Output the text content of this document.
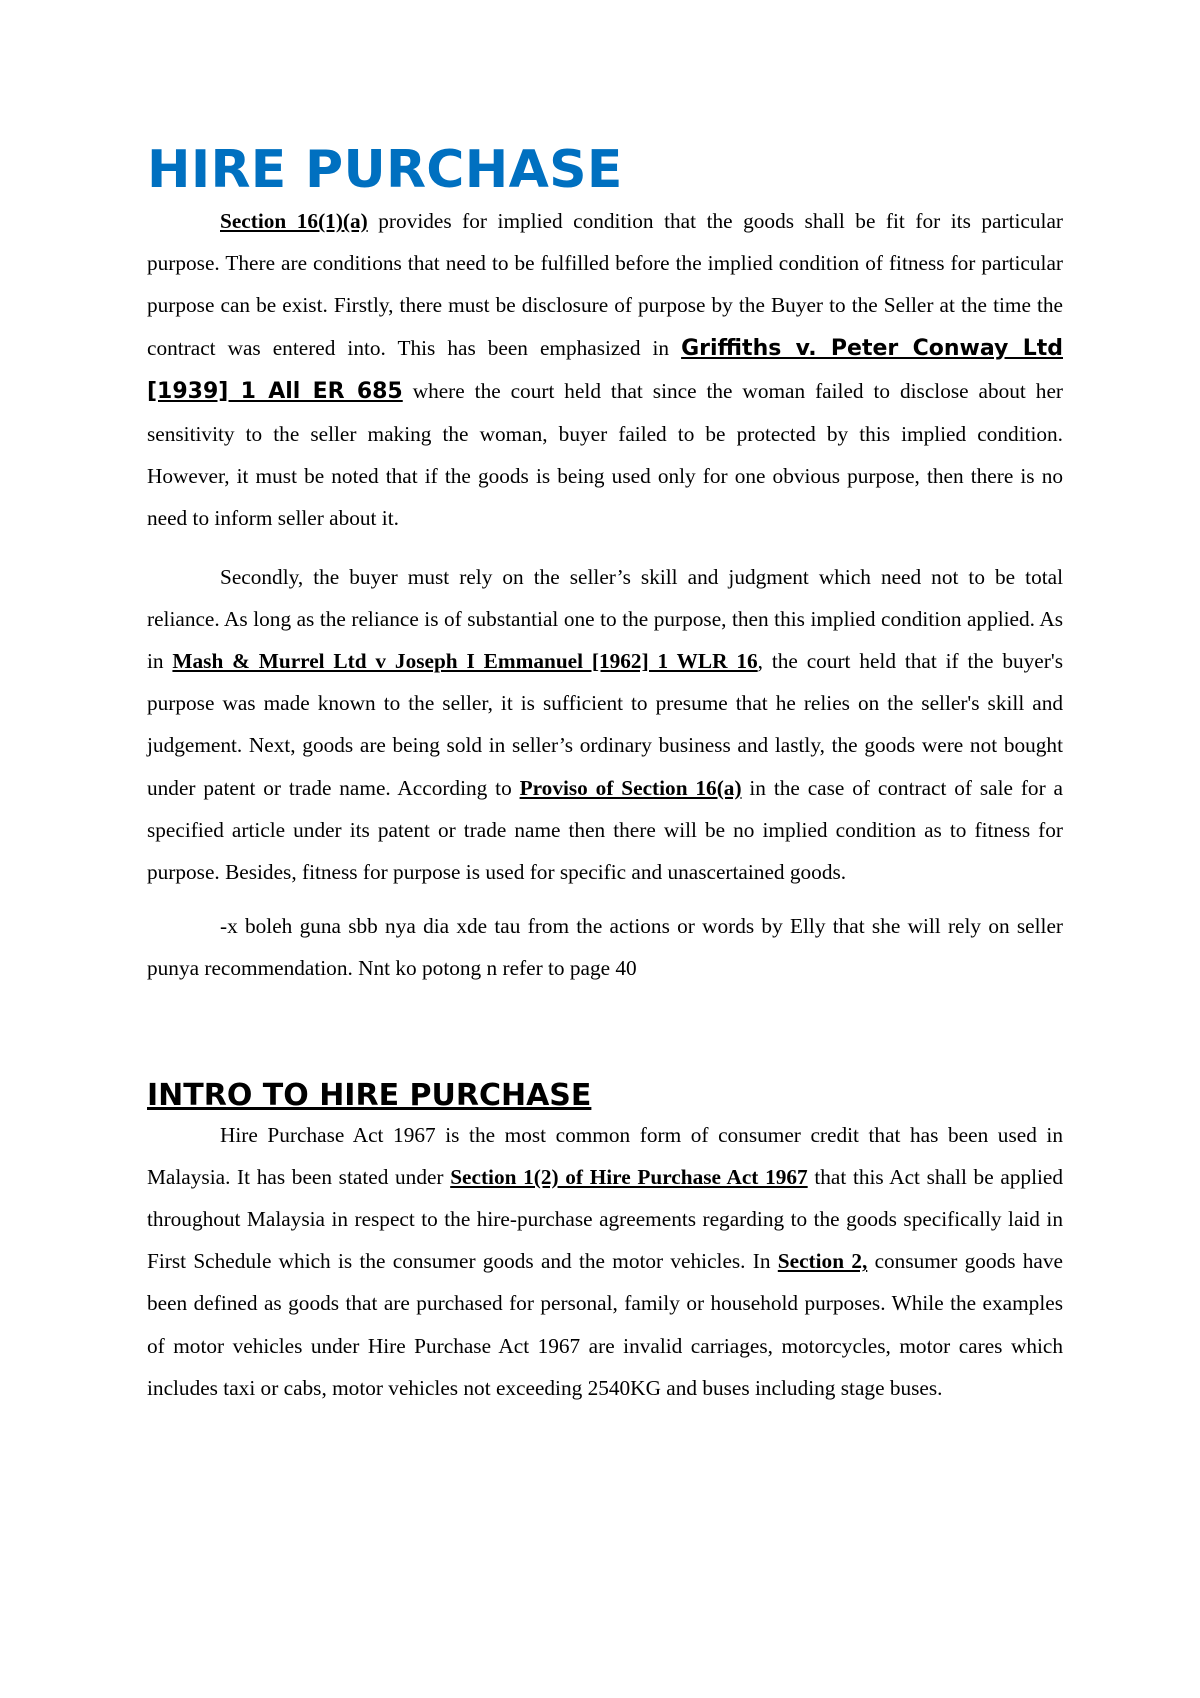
HIRE PURCHASE

Section 16(1)(a) provides for implied condition that the goods shall be fit for its particular purpose. There are conditions that need to be fulfilled before the implied condition of fitness for particular purpose can be exist. Firstly, there must be disclosure of purpose by the Buyer to the Seller at the time the contract was entered into. This has been emphasized in Griffiths v. Peter Conway Ltd [1939] 1 All ER 685 where the court held that since the woman failed to disclose about her sensitivity to the seller making the woman, buyer failed to be protected by this implied condition. However, it must be noted that if the goods is being used only for one obvious purpose, then there is no need to inform seller about it.

Secondly, the buyer must rely on the seller’s skill and judgment which need not to be total reliance. As long as the reliance is of substantial one to the purpose, then this implied condition applied. As in Mash & Murrel Ltd v Joseph I Emmanuel [1962] 1 WLR 16, the court held that if the buyer's purpose was made known to the seller, it is sufficient to presume that he relies on the seller's skill and judgement. Next, goods are being sold in seller’s ordinary business and lastly, the goods were not bought under patent or trade name. According to Proviso of Section 16(a) in the case of contract of sale for a specified article under its patent or trade name then there will be no implied condition as to fitness for purpose. Besides, fitness for purpose is used for specific and unascertained goods.

-x boleh guna sbb nya dia xde tau from the actions or words by Elly that she will rely on seller punya recommendation. Nnt ko potong n refer to page 40

INTRO TO HIRE PURCHASE

Hire Purchase Act 1967 is the most common form of consumer credit that has been used in Malaysia. It has been stated under Section 1(2) of Hire Purchase Act 1967 that this Act shall be applied throughout Malaysia in respect to the hire-purchase agreements regarding to the goods specifically laid in First Schedule which is the consumer goods and the motor vehicles. In Section 2, consumer goods have been defined as goods that are purchased for personal, family or household purposes. While the examples of motor vehicles under Hire Purchase Act 1967 are invalid carriages, motorcycles, motor cares which includes taxi or cabs, motor vehicles not exceeding 2540KG and buses including stage buses.
